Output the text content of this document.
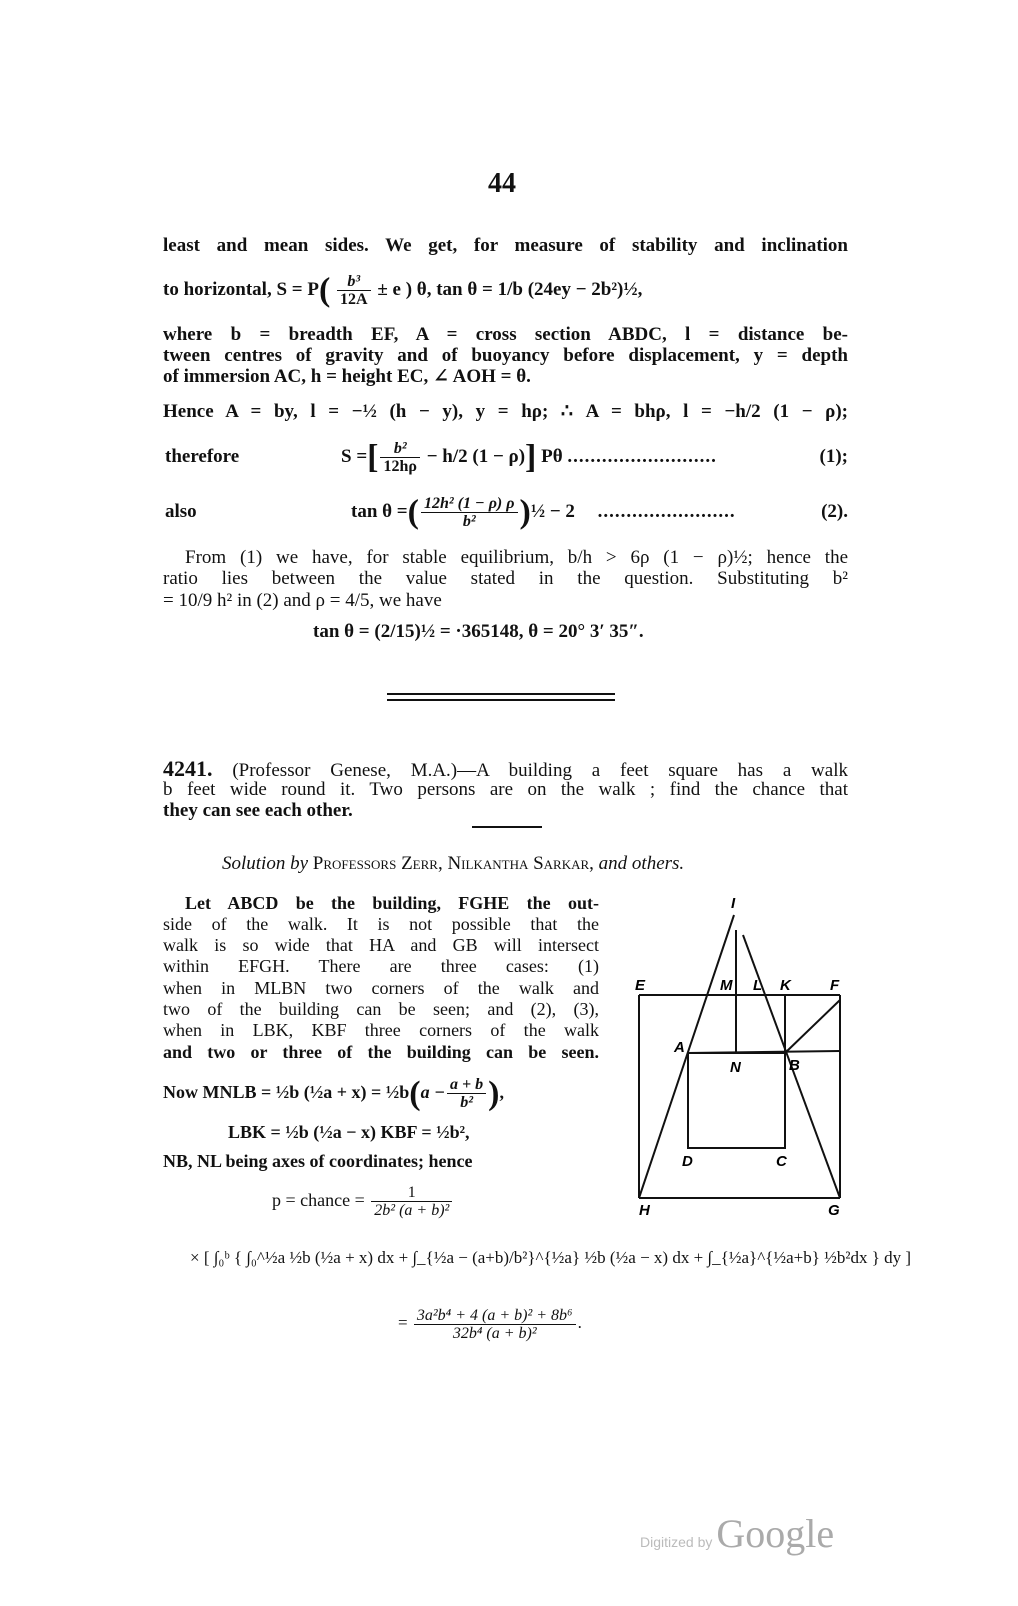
44
least and mean sides. We get, for measure of stability and inclination
to horizontal, $S = P( \frac{\text{b³}}{12A} \pm e$ ) θ, tan θ = 1/b (24ey − 2b²)½,
where b = breadth EF, A = cross section ABDC, l = distance be-
tween centres of gravity and of buoyancy before displacement, y = depth
of immersion AC, h = height EC, ∠ AOH = θ.
Hence A = by, l = −½ (h − y), y = hρ; ∴ A = bhρ, l = −h/2 (1 − ρ);
therefore	S =[ $\frac{\text{b²}}{12h\rho} - h/2$ (1 − ρ)] Pθ ..........................	(1);
also	tan θ =( $\frac{\text{12h² (1 − ρ) ρ}}{\text{b²}}$ )½ − 2 ........................	(2).
From (1) we have, for stable equilibrium, b/h > 6ρ (1 − ρ)½; hence the
ratio lies between the value stated in the question. Substituting b²
= 10/9 h² in (2) and ρ = 4/5, we have
tan θ = (2/15)½ = ·365148, θ = 20° 3′ 35″.
4241. (Professor Genese, M.A.)—A building a feet square has a walk
b feet wide round it. Two persons are on the walk ; find the chance that
they can see each other.
Solution by Professors Zerr, Nilkantha Sarkar, and others.
Let ABCD be the building, FGHE the out-
side of the walk. It is not possible that the
walk is so wide that HA and GB will intersect
within EFGH. There are three cases: (1)
when in MLBN two corners of the walk and
two of the building can be seen; and (2), (3),
when in LBK, KBF three corners of the walk
and two or three of the building can be seen.
Now MNLB = ½b (½a + x) = ½b(a − $\frac{a + b}{\text{b²}}$ ),
LBK = ½b (½a − x) KBF = ½b²,
NB, NL being axes of coordinates; hence
p = chance = $\frac{1}{\text{2b² (a + b)²}}$
× [ ∫₀ᵇ { ∫₀^½a ½b (½a + x) dx + ∫_{½a − (a+b)/b²}^{½a} ½b (½a − x) dx + ∫_{½a}^{½a+b} ½b²dx } dy ]
= $\frac{\text{3a²b⁴ + 4 (a + b)² + 8b⁶}}{\text{32b⁴ (a + b)²}}$ .
I
E	M L K	F
A
N	B
D	C
H	G
Digitized by Google
